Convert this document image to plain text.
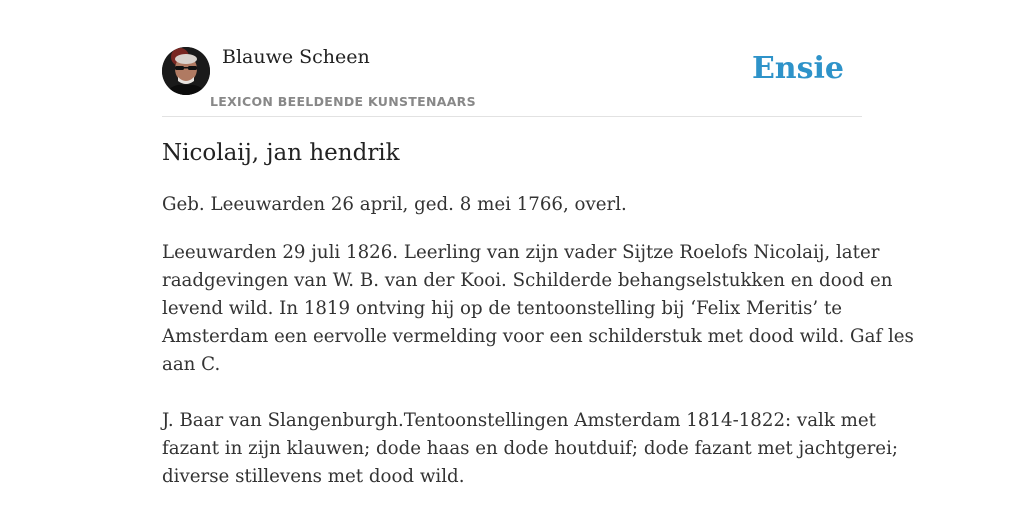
Blauwe Scheen
LEXICON BEELDENDE KUNSTENAARS
Ensie
Nicolaij, jan hendrik

Geb. Leeuwarden 26 april, ged. 8 mei 1766, overl.

Leeuwarden 29 juli 1826. Leerling van zijn vader Sijtze Roelofs Nicolaij, later
raadgevingen van W. B. van der Kooi. Schilderde behangselstukken en dood en
levend wild. In 1819 ontving hij op de tentoonstelling bij ‘Felix Meritis’ te
Amsterdam een eervolle vermelding voor een schilderstuk met dood wild. Gaf les
aan C.
J. Baar van Slangenburgh.Tentoonstellingen Amsterdam 1814-1822: valk met
fazant in zijn klauwen; dode haas en dode houtduif; dode fazant met jachtgerei;
diverse stillevens met dood wild.
